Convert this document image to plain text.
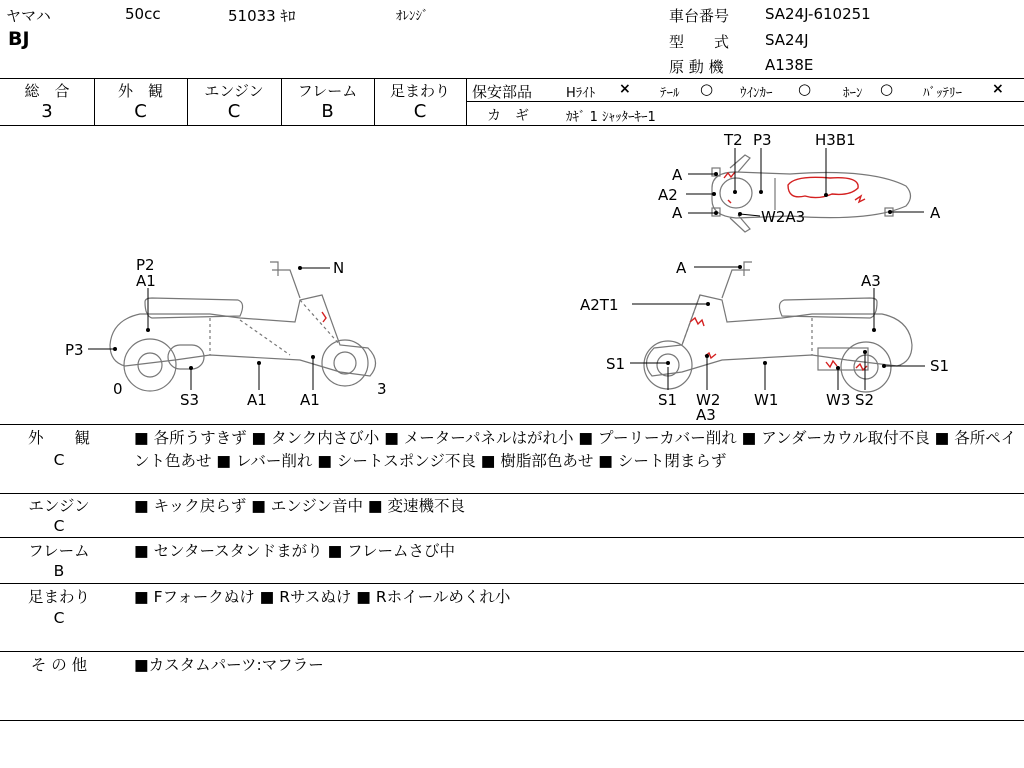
ヤマハ	50cc	51033 ｷﾛ	ｵﾚﾝｼﾞ
BJ
車台番号 SA24J-610251
型　　式 SA24J
原 動 機	A138E
総　合	外　観	エンジン	フレーム	足まわり
3	C	C	B	C
保安部品	Hﾗｲﾄ × ﾃｰﾙ ○ ｳｲﾝｶｰ ○ ﾎｰﾝ ○ ﾊﾞｯﾃﾘｰ ×
カ　ギ	ｶｷﾞ 1 ｼｬｯﾀｰｷｰ1
T2 P3	H3B1
A
A2
A	W2A3	A
P2
A1
N
P3
0
S3	A1 A1
3
A
A3
A2T1
S1
S1
S1
W2
A3
W1	W3 S2
外　　観
C
■ 各所うすきず ■ タンク内さび小 ■ メーターパネルはがれ小 ■ プーリーカバー削れ ■ アンダーカウル取付不良 ■ 各所ペイント色あせ ■ レバー削れ ■ シートスポンジ不良 ■ 樹脂部色あせ ■ シート閉まらず
エンジン
C
■ キック戻らず ■ エンジン音中 ■ 変速機不良
フレーム
B
■ センタースタンドまがり ■ フレームさび中
足まわり
C
■ Fフォークぬけ ■ Rサスぬけ ■ Rホイールめくれ小
そ の 他	■カスタムパーツ:マフラー
